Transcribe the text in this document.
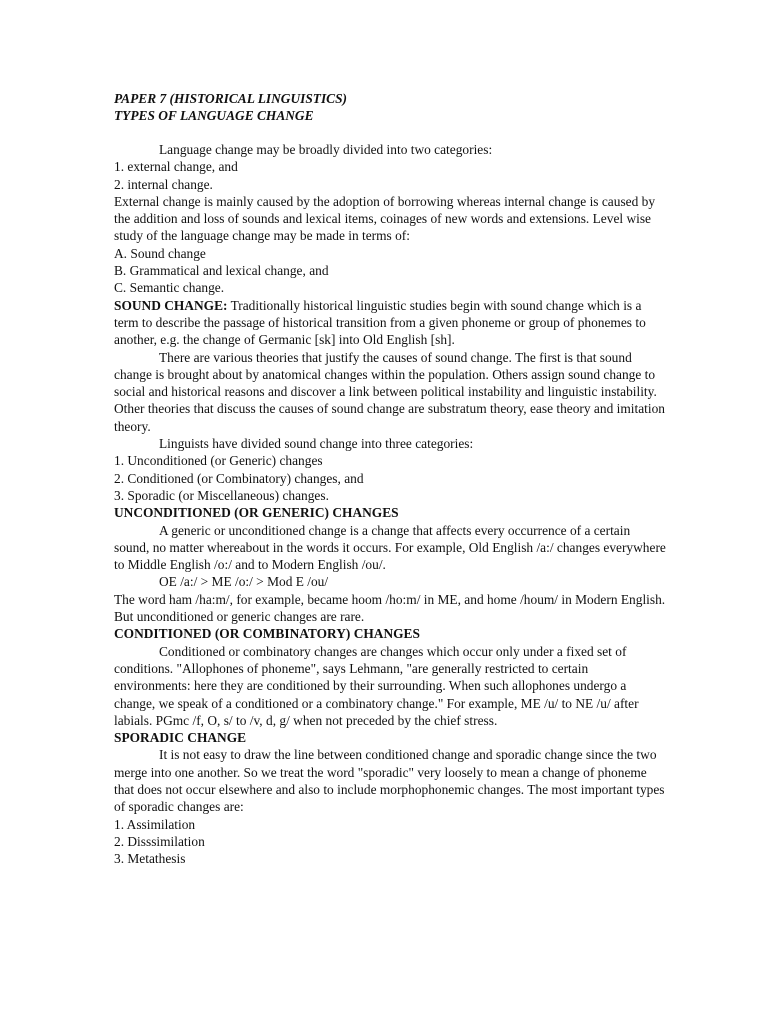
PAPER 7 (HISTORICAL LINGUISTICS)
TYPES OF LANGUAGE CHANGE

Language change may be broadly divided into two categories:

1. external change, and

2. internal change.

External change is mainly caused by the adoption of borrowing whereas internal change is caused by the addition and loss of sounds and lexical items, coinages of new words and extensions. Level wise study of the language change may be made in terms of:

A. Sound change

B. Grammatical and lexical change, and

C. Semantic change.

SOUND CHANGE: Traditionally historical linguistic studies begin with sound change which is a term to describe the passage of historical transition from a given phoneme or group of phonemes to another, e.g. the change of Germanic [sk] into Old English [sh].

There are various theories that justify the causes of sound change. The first is that sound change is brought about by anatomical changes within the population. Others assign sound change to social and historical reasons and discover a link between political instability and linguistic instability. Other theories that discuss the causes of sound change are substratum theory, ease theory and imitation theory.

Linguists have divided sound change into three categories:

1. Unconditioned (or Generic) changes

2. Conditioned (or Combinatory) changes, and

3. Sporadic (or Miscellaneous) changes.

UNCONDITIONED (OR GENERIC) CHANGES

A generic or unconditioned change is a change that affects every occurrence of a certain sound, no matter whereabout in the words it occurs. For example, Old English /a:/ changes everywhere to Middle English /o:/ and to Modern English /ou/.

OE /a:/ > ME /o:/ > Mod E /ou/

The word ham /ha:m/, for example, became hoom /ho:m/ in ME, and home /houm/ in Modern English. But unconditioned or generic changes are rare.

CONDITIONED (OR COMBINATORY) CHANGES

Conditioned or combinatory changes are changes which occur only under a fixed set of conditions. "Allophones of phoneme", says Lehmann, "are generally restricted to certain environments: here they are conditioned by their surrounding. When such allophones undergo a change, we speak of a conditioned or a combinatory change." For example, ME /u/ to NE /u/ after labials. PGmc /f, O, s/ to /v, d, g/ when not preceded by the chief stress.

SPORADIC CHANGE

It is not easy to draw the line between conditioned change and sporadic change since the two merge into one another. So we treat the word "sporadic" very loosely to mean a change of phoneme that does not occur elsewhere and also to include morphophonemic changes. The most important types of sporadic changes are:

1. Assimilation

2. Disssimilation

3. Metathesis
